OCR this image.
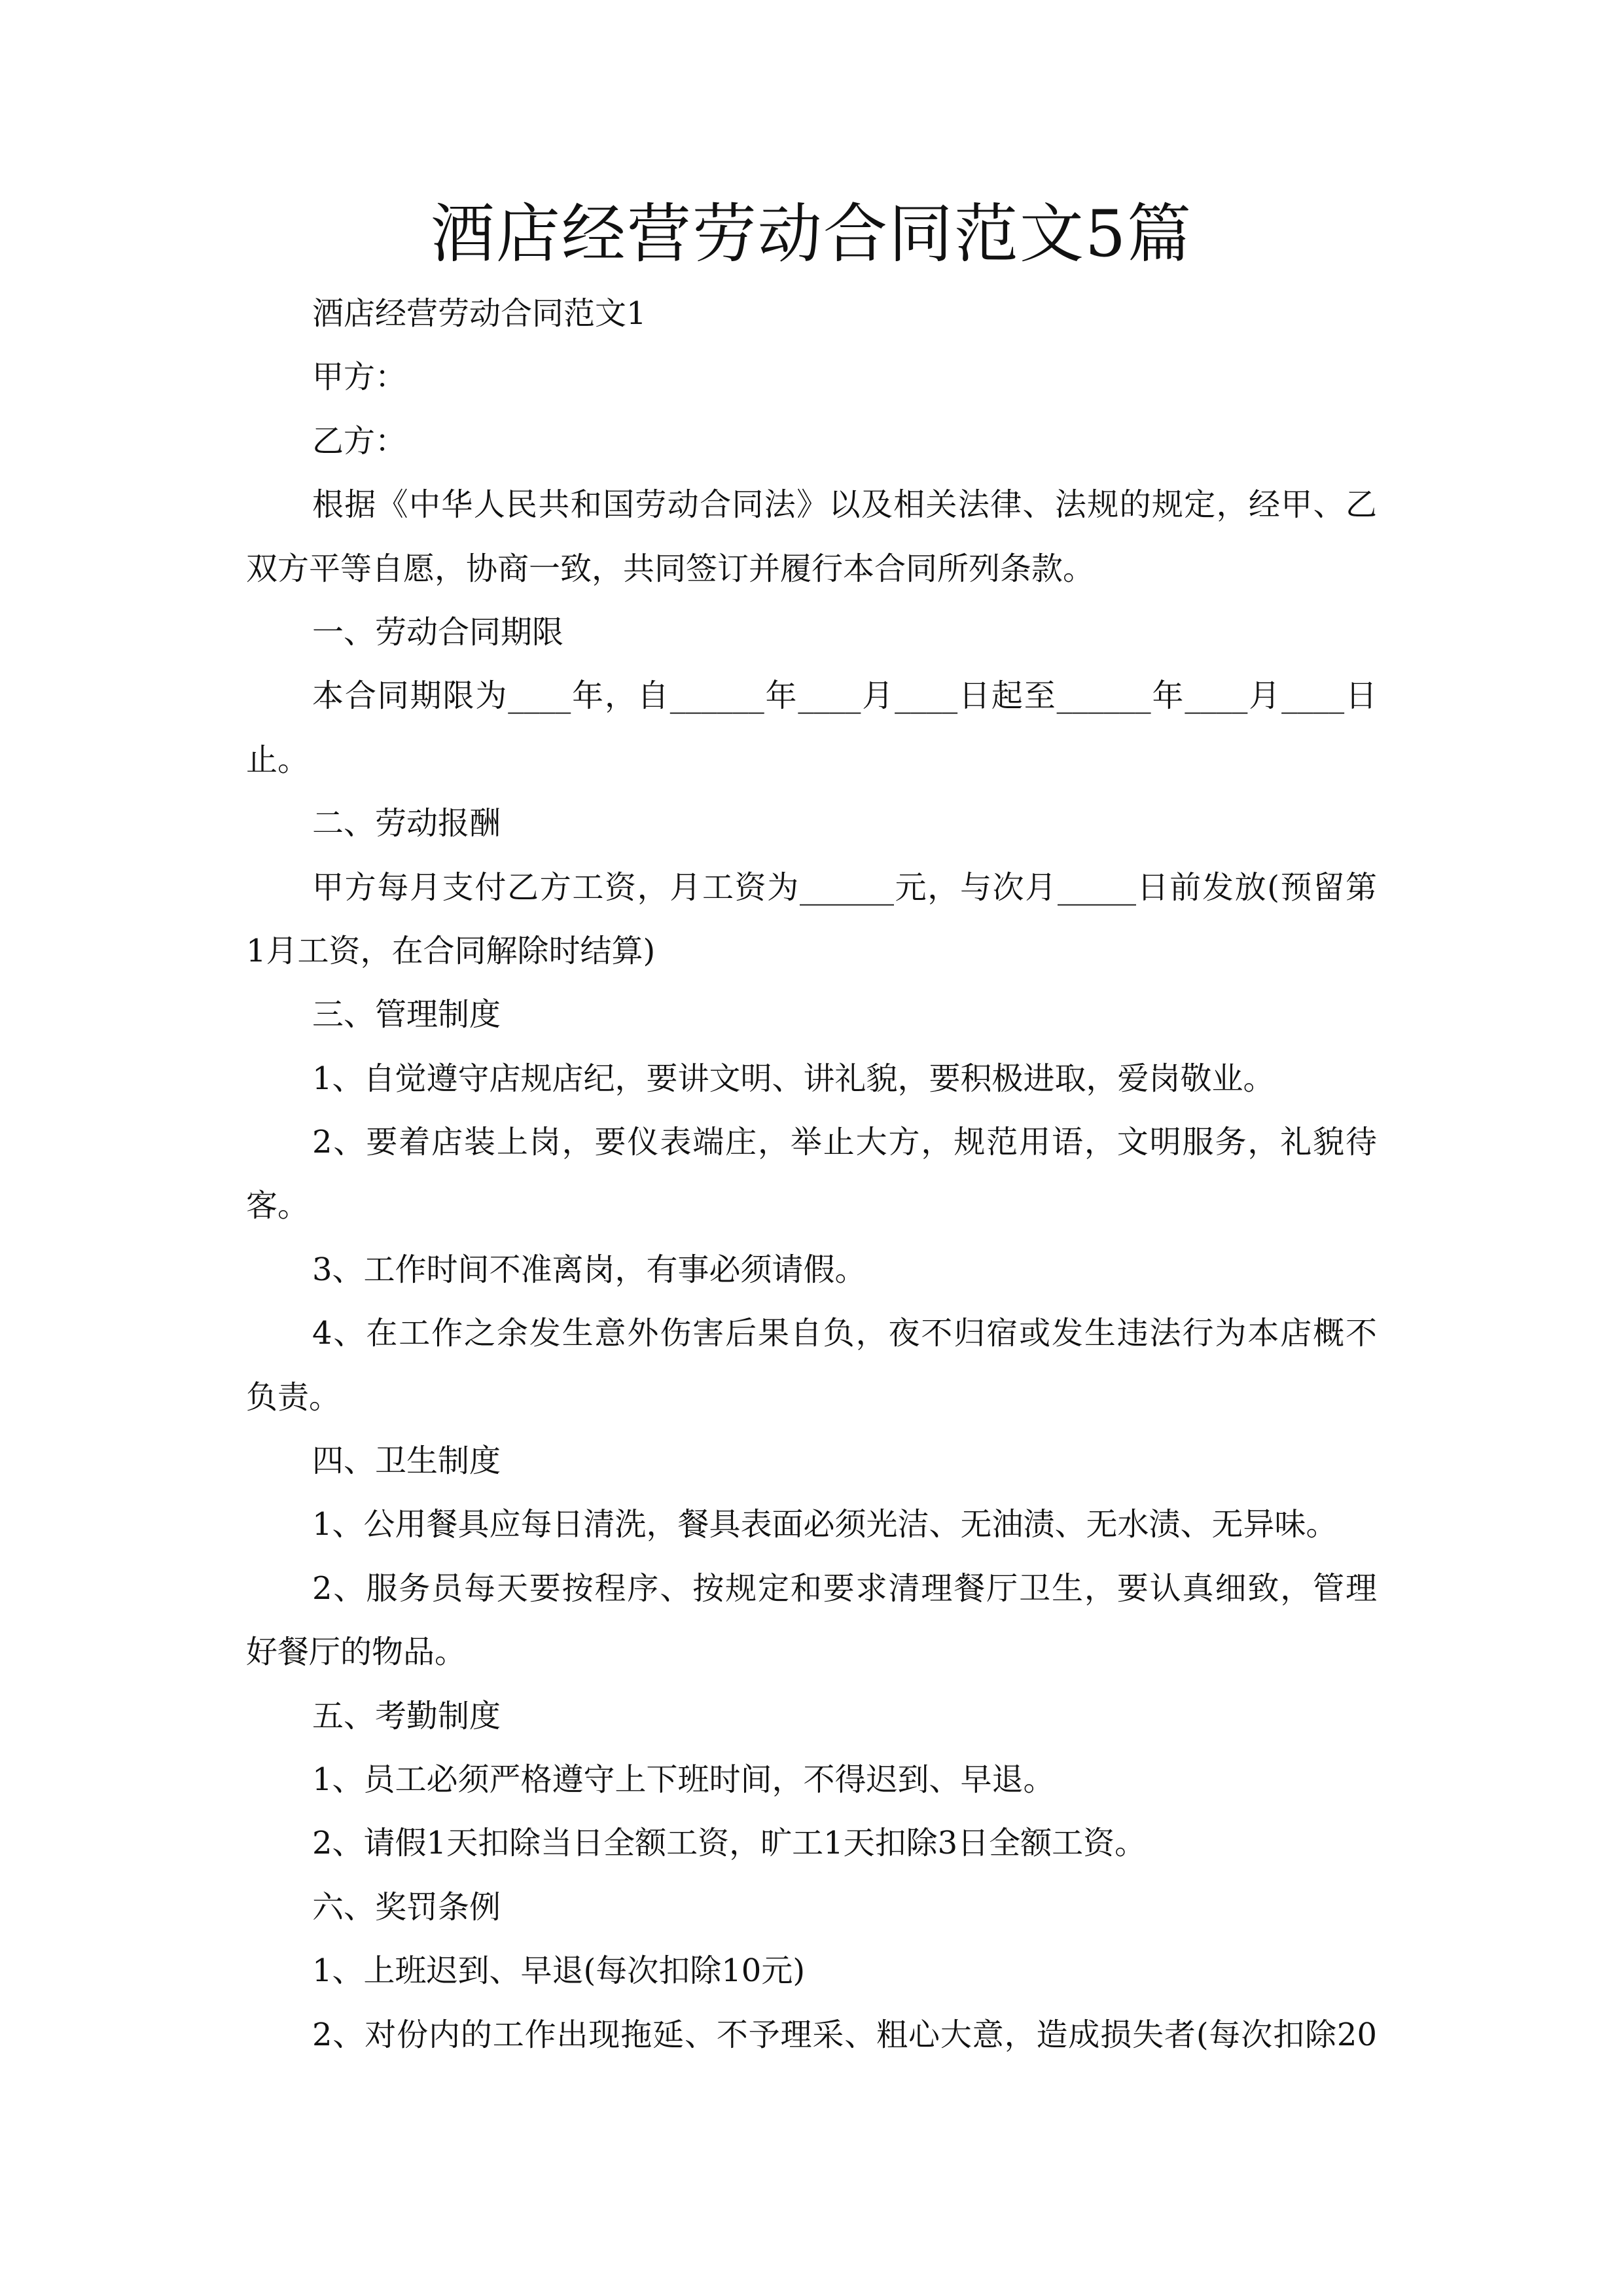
酒店经营劳动合同范文5篇
酒店经营劳动合同范文1
甲方：
乙方：
根据《中华人民共和国劳动合同法》以及相关法律、法规的规定，经甲、乙
双方平等自愿，协商一致，共同签订并履行本合同所列条款。
一、劳动合同期限
本合同期限为____年，自______年____月____日起至______年____月____日
止。
二、劳动报酬
甲方每月支付乙方工资，月工资为______元，与次月_____日前发放(预留第
1月工资，在合同解除时结算)
三、管理制度
1、自觉遵守店规店纪，要讲文明、讲礼貌，要积极进取，爱岗敬业。
2、要着店装上岗，要仪表端庄，举止大方，规范用语，文明服务，礼貌待
客。
3、工作时间不准离岗，有事必须请假。
4、在工作之余发生意外伤害后果自负，夜不归宿或发生违法行为本店概不
负责。
四、卫生制度
1、公用餐具应每日清洗，餐具表面必须光洁、无油渍、无水渍、无异味。
2、服务员每天要按程序、按规定和要求清理餐厅卫生，要认真细致，管理
好餐厅的物品。
五、考勤制度
1、员工必须严格遵守上下班时间，不得迟到、早退。
2、请假1天扣除当日全额工资，旷工1天扣除3日全额工资。
六、奖罚条例
1、上班迟到、早退(每次扣除10元)
2、对份内的工作出现拖延、不予理采、粗心大意，造成损失者(每次扣除20
